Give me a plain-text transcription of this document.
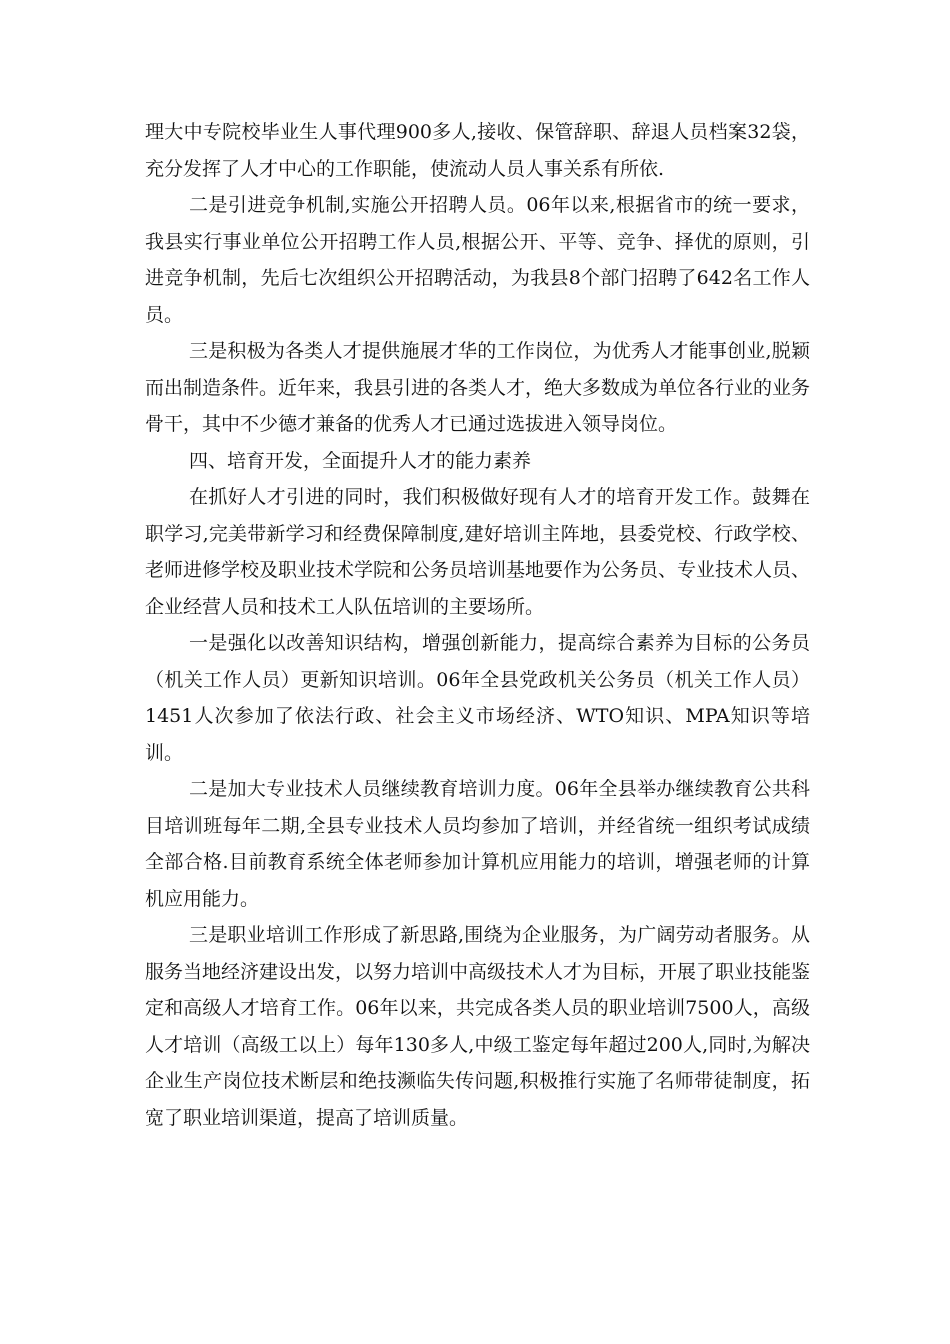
理大中专院校毕业生人事代理900多人,接收、保管辞职、辞退人员档案32袋，充分发挥了人才中心的工作职能，使流动人员人事关系有所依.

二是引进竞争机制,实施公开招聘人员。06年以来,根据省市的统一要求，我县实行事业单位公开招聘工作人员,根据公开、平等、竞争、择优的原则，引进竞争机制，先后七次组织公开招聘活动，为我县8个部门招聘了642名工作人员。

三是积极为各类人才提供施展才华的工作岗位，为优秀人才能事创业,脱颖而出制造条件。近年来，我县引进的各类人才，绝大多数成为单位各行业的业务骨干，其中不少德才兼备的优秀人才已通过选拔进入领导岗位。

四、培育开发，全面提升人才的能力素养

在抓好人才引进的同时，我们积极做好现有人才的培育开发工作。鼓舞在职学习,完美带新学习和经费保障制度,建好培训主阵地，县委党校、行政学校、老师进修学校及职业技术学院和公务员培训基地要作为公务员、专业技术人员、企业经营人员和技术工人队伍培训的主要场所。

一是强化以改善知识结构，增强创新能力，提高综合素养为目标的公务员（机关工作人员）更新知识培训。06年全县党政机关公务员（机关工作人员）1451人次参加了依法行政、社会主义市场经济、WTO知识、MPA知识等培训。

二是加大专业技术人员继续教育培训力度。06年全县举办继续教育公共科目培训班每年二期,全县专业技术人员均参加了培训，并经省统一组织考试成绩全部合格.目前教育系统全体老师参加计算机应用能力的培训，增强老师的计算机应用能力。

三是职业培训工作形成了新思路,围绕为企业服务，为广阔劳动者服务。从服务当地经济建设出发，以努力培训中高级技术人才为目标，开展了职业技能鉴定和高级人才培育工作。06年以来，共完成各类人员的职业培训7500人，高级人才培训（高级工以上）每年130多人,中级工鉴定每年超过200人,同时,为解决企业生产岗位技术断层和绝技濒临失传问题,积极推行实施了名师带徒制度，拓宽了职业培训渠道，提高了培训质量。
